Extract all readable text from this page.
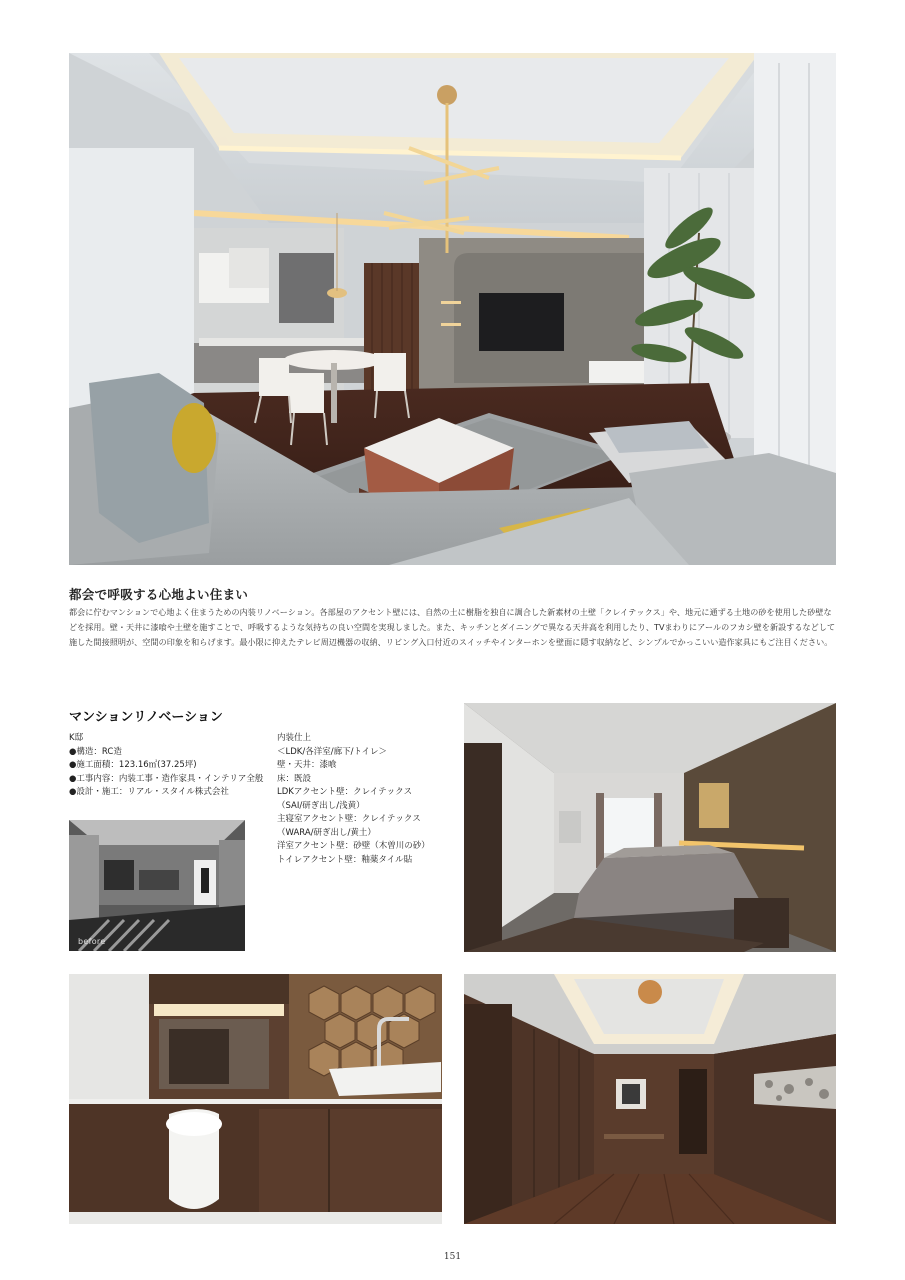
都会で呼吸する心地よい住まい
都会に佇むマンションで心地よく住まうための内装リノベーション。各部屋のアクセント壁には、自然の土に樹脂を独自に調合した新素材の土壁「クレイテックス」や、地元に通ずる土地の砂を使用した砂壁などを採用。壁・天井に漆喰や土壁を施すことで、呼吸するような気持ちの良い空間を実現しました。また、キッチンとダイニングで異なる天井高を利用したり、TVまわりにアールのフカシ壁を新設するなどして施した間接照明が、空間の印象を和らげます。最小限に抑えたテレビ周辺機器の収納、リビング入口付近のスイッチやインターホンを壁面に隠す収納など、シンプルでかっこいい造作家具にもご注目ください。
マンションリノベーション
K邸
●構造：RC造
●施工面積：123.16㎡(37.25坪)
●工事内容：内装工事・造作家具・インテリア全般
●設計・施工：リアル・スタイル株式会社
内装仕上
＜LDK/各洋室/廊下/トイレ＞
壁・天井：漆喰
床：既設
LDKアクセント壁：クレイテックス
（SAI/研ぎ出し/浅黄）
主寝室アクセント壁：クレイテックス
（WARA/研ぎ出し/黄土）
洋室アクセント壁：砂壁（木曽川の砂）
トイレアクセント壁：釉薬タイル貼
before
151
